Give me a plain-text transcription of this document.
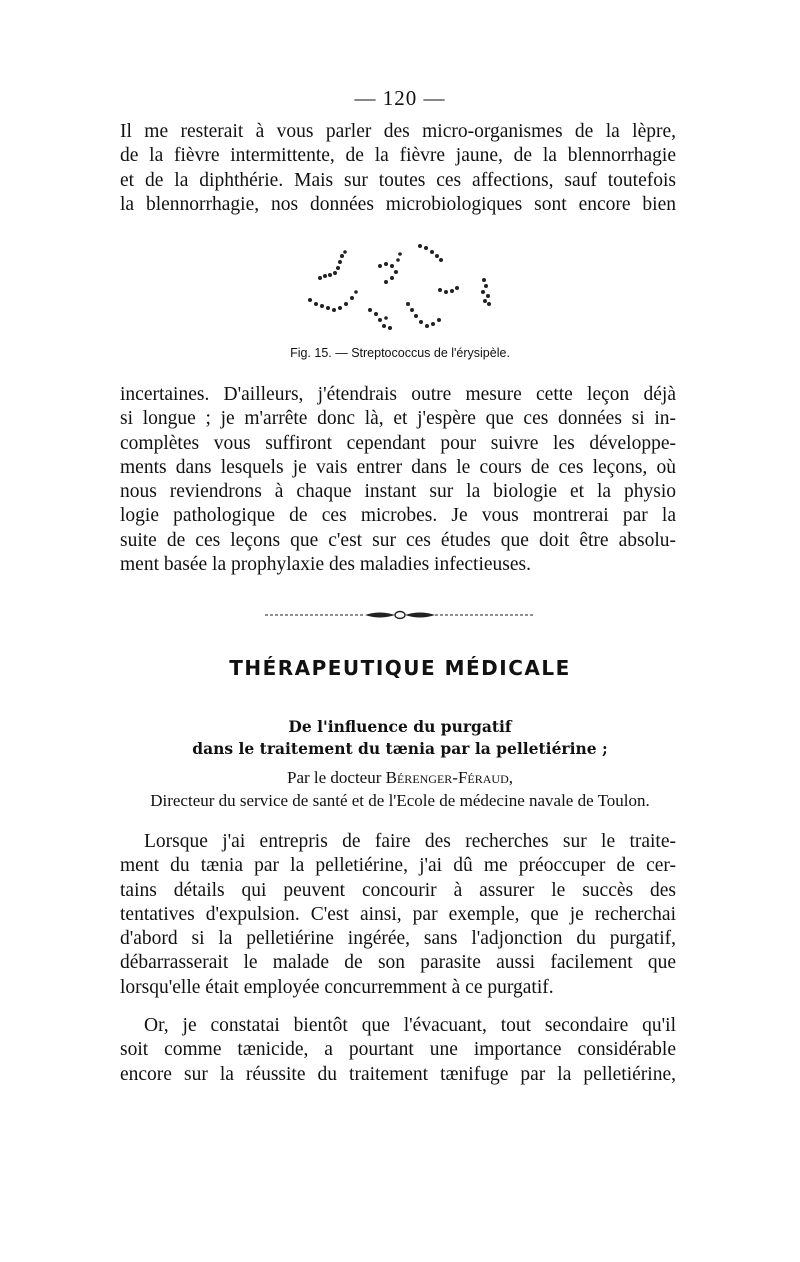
— 120 —
Il me resterait à vous parler des micro-organismes de la lèpre,
de la fièvre intermittente, de la fièvre jaune, de la blennorrhagie
et de la diphthérie. Mais sur toutes ces affections, sauf toutefois
la blennorrhagie, nos données microbiologiques sont encore bien
Fig. 15. — Streptococcus de l'érysipèle.
incertaines. D'ailleurs, j'étendrais outre mesure cette leçon déjà
si longue ; je m'arrête donc là, et j'espère que ces données si in-
complètes vous suffiront cependant pour suivre les développe-
ments dans lesquels je vais entrer dans le cours de ces leçons, où
nous reviendrons à chaque instant sur la biologie et la physio
logie pathologique de ces microbes. Je vous montrerai par la
suite de ces leçons que c'est sur ces études que doit être absolu-
ment basée la prophylaxie des maladies infectieuses.
THÉRAPEUTIQUE MÉDICALE
De l'influence du purgatif
dans le traitement du tænia par la pelletiérine ;
Par le docteur Bérenger-Féraud,
Directeur du service de santé et de l'Ecole de médecine navale de Toulon.
Lorsque j'ai entrepris de faire des recherches sur le traite-
ment du tænia par la pelletiérine, j'ai dû me préoccuper de cer-
tains détails qui peuvent concourir à assurer le succès des
tentatives d'expulsion. C'est ainsi, par exemple, que je recherchai
d'abord si la pelletiérine ingérée, sans l'adjonction du purgatif,
débarrasserait le malade de son parasite aussi facilement que
lorsqu'elle était employée concurremment à ce purgatif.
Or, je constatai bientôt que l'évacuant, tout secondaire qu'il
soit comme tænicide, a pourtant une importance considérable
encore sur la réussite du traitement tænifuge par la pelletiérine,
